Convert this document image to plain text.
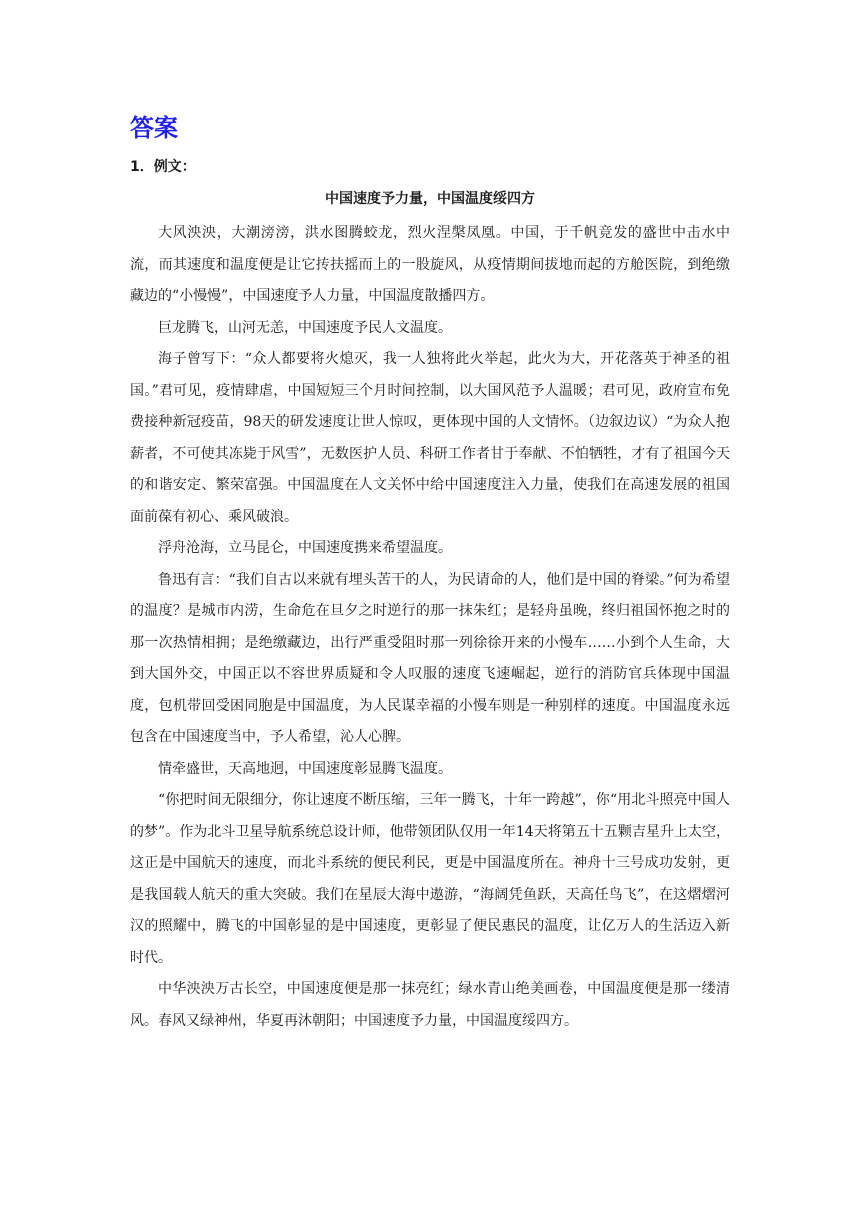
答案
1．例文：
中国速度予力量，中国温度绥四方

大风泱泱，大潮滂滂，洪水图腾蛟龙，烈火涅槃凤凰。中国，于千帆竞发的盛世中击水中流，而其速度和温度便是让它抟扶摇而上的一股旋风，从疫情期间拔地而起的方舱医院，到绝缴藏边的“小慢慢”，中国速度予人力量，中国温度散播四方。

巨龙腾飞，山河无恙，中国速度予民人文温度。

海子曾写下：“众人都要将火熄灭，我一人独将此火举起，此火为大，开花落英于神圣的祖国。”君可见，疫情肆虐，中国短短三个月时间控制，以大国风范予人温暖；君可见，政府宣布免费接种新冠疫苗，98天的研发速度让世人惊叹，更体现中国的人文情怀。（边叙边议）“为众人抱薪者，不可使其冻毙于风雪”，无数医护人员、科研工作者甘于奉献、不怕牺牲，才有了祖国今天的和谐安定、繁荣富强。中国温度在人文关怀中给中国速度注入力量，使我们在高速发展的祖国面前葆有初心、乘风破浪。

浮舟沧海，立马昆仑，中国速度携来希望温度。

鲁迅有言：“我们自古以来就有埋头苦干的人，为民请命的人，他们是中国的脊梁。”何为希望的温度？是城市内涝，生命危在旦夕之时逆行的那一抹朱红；是轻舟虽晚，终归祖国怀抱之时的那一次热情相拥；是绝缴藏边，出行严重受阻时那一列徐徐开来的小慢车……小到个人生命，大到大国外交，中国正以不容世界质疑和令人叹服的速度飞速崛起，逆行的消防官兵体现中国温度，包机带回受困同胞是中国温度，为人民谋幸福的小慢车则是一种别样的速度。中国温度永远包含在中国速度当中，予人希望，沁人心脾。

情牵盛世，天高地迥，中国速度彰显腾飞温度。

“你把时间无限细分，你让速度不断压缩，三年一腾飞，十年一跨越”，你“用北斗照亮中国人的梦”。作为北斗卫星导航系统总设计师，他带领团队仅用一年14天将第五十五颗吉星升上太空，这正是中国航天的速度，而北斗系统的便民利民，更是中国温度所在。神舟十三号成功发射，更是我国载人航天的重大突破。我们在星辰大海中遨游，“海阔凭鱼跃，天高任鸟飞”，在这熠熠河汉的照耀中，腾飞的中国彰显的是中国速度，更彰显了便民惠民的温度，让亿万人的生活迈入新时代。

中华泱泱万古长空，中国速度便是那一抹亮红；绿水青山绝美画卷，中国温度便是那一缕清风。春风又绿神州，华夏再沐朝阳；中国速度予力量，中国温度绥四方。
